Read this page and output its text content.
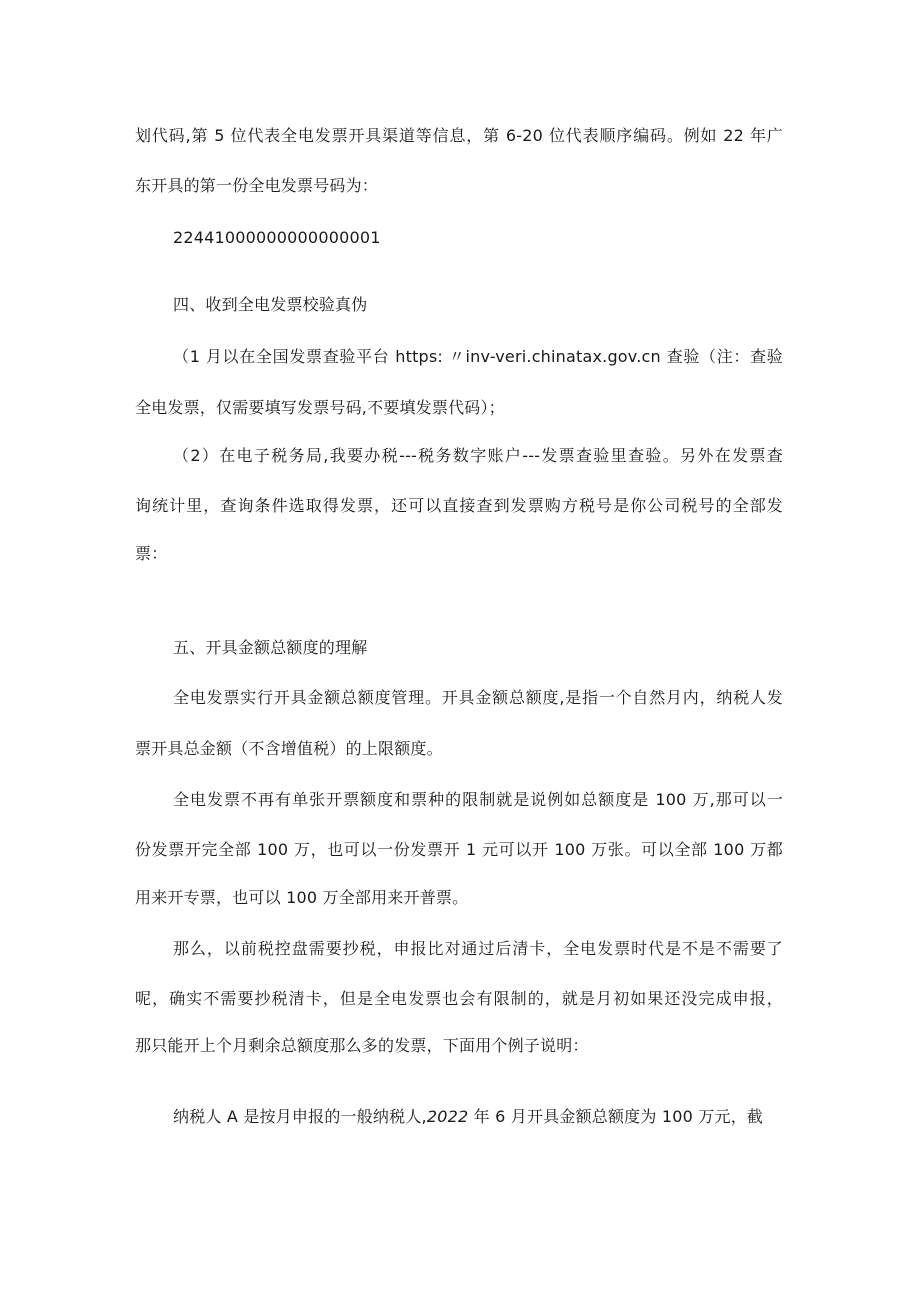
划代码,第 5 位代表全电发票开具渠道等信息，第 6-20 位代表顺序编码。例如 22 年广
东开具的第一份全电发票号码为：
22441000000000000001
四、收到全电发票校验真伪
（1 月以在全国发票查验平台 https: 〃inv-veri.chinatax.gov.cn 查验（注：查验
全电发票，仅需要填写发票号码,不要填发票代码）；
（2）在电子税务局,我要办税---税务数字账户---发票查验里查验。另外在发票查
询统计里，查询条件选取得发票，还可以直接查到发票购方税号是你公司税号的全部发
票：
五、开具金额总额度的理解
全电发票实行开具金额总额度管理。开具金额总额度,是指一个自然月内，纳税人发
票开具总金额（不含增值税）的上限额度。
全电发票不再有单张开票额度和票种的限制就是说例如总额度是 100 万,那可以一
份发票开完全部 100 万，也可以一份发票开 1 元可以开 100 万张。可以全部 100 万都
用来开专票，也可以 100 万全部用来开普票。
那么，以前税控盘需要抄税，申报比对通过后清卡，全电发票时代是不是不需要了
呢，确实不需要抄税清卡，但是全电发票也会有限制的，就是月初如果还没完成申报，
那只能开上个月剩余总额度那么多的发票，下面用个例子说明：
纳税人 A 是按月申报的一般纳税人,2022 年 6 月开具金额总额度为 100 万元，截
